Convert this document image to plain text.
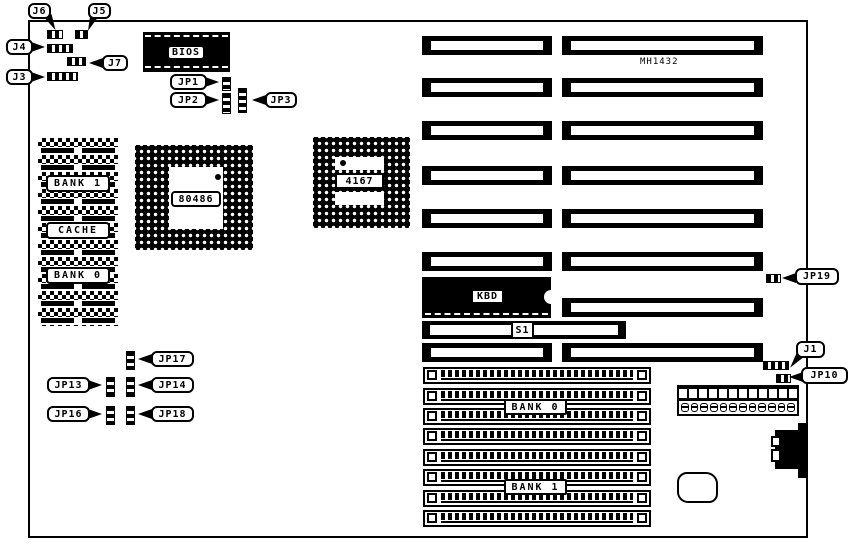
J6	J5
J4
J7
J3
BIOS
JP1
JP2	JP3
BANK 1
CACHE
BANK 0
80486
4167
MH1432
KBD
S1
JP19
J1
JP10
JP17
JP13	JP14
JP16	JP18
BANK 0
BANK 1
